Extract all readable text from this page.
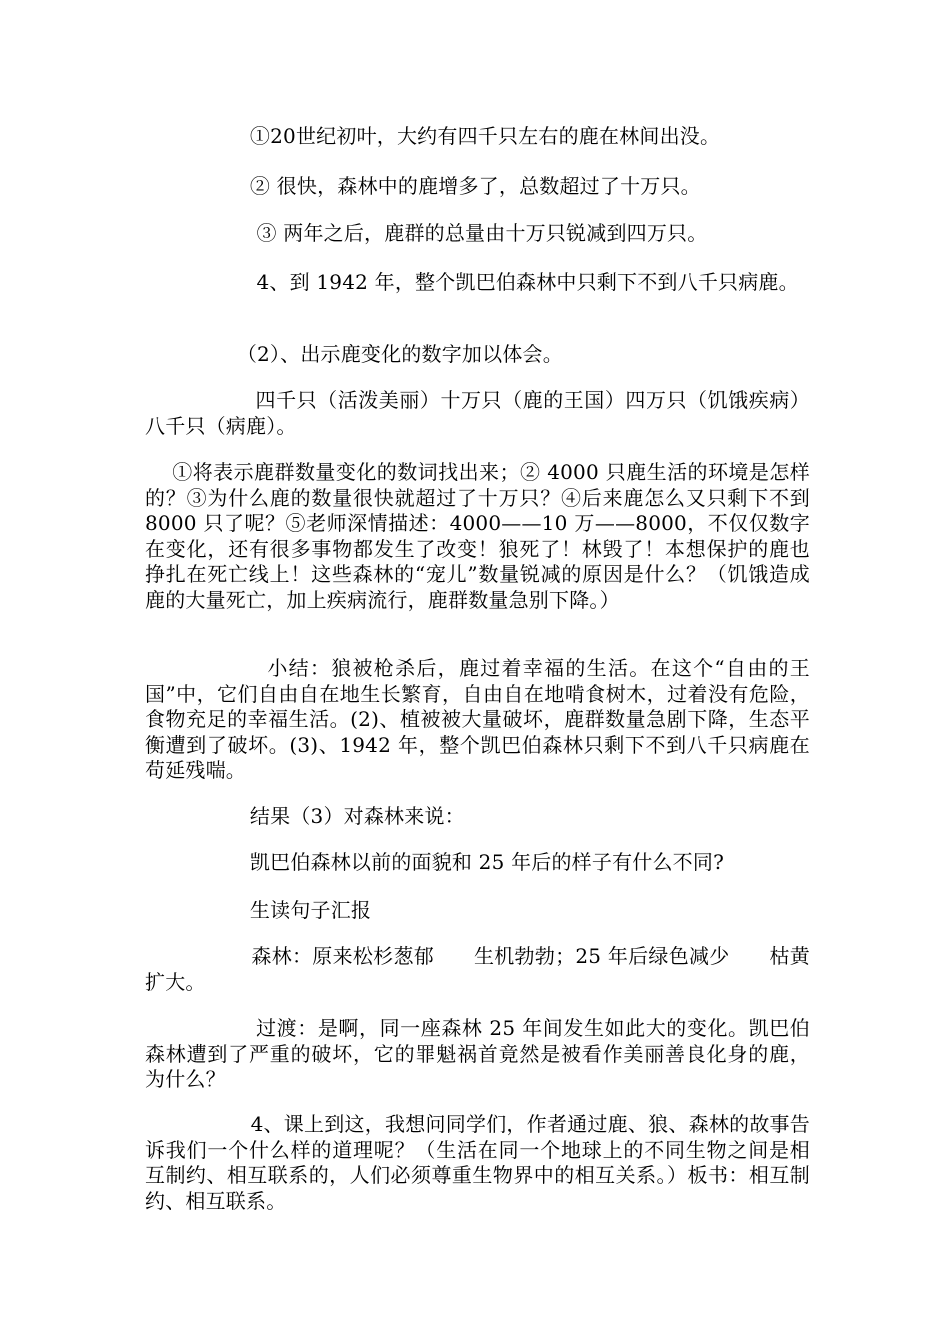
①20世纪初叶，大约有四千只左右的鹿在林间出没。

② 很快，森林中的鹿增多了，总数超过了十万只。

③ 两年之后，鹿群的总量由十万只锐减到四万只。

4、到 1942 年，整个凯巴伯森林中只剩下不到八千只病鹿。

（2）、出示鹿变化的数字加以体会。

四千只（活泼美丽）十万只（鹿的王国）四万只（饥饿疾病）八千只（病鹿）。

①将表示鹿群数量变化的数词找出来；② 4000 只鹿生活的环境是怎样的？③为什么鹿的数量很快就超过了十万只？④后来鹿怎么又只剩下不到 8000 只了呢？⑤老师深情描述：4000——10 万——8000，不仅仅数字在变化，还有很多事物都发生了改变！狼死了！林毁了！本想保护的鹿也挣扎在死亡线上！这些森林的“宠儿”数量锐减的原因是什么？（饥饿造成鹿的大量死亡，加上疾病流行，鹿群数量急别下降。）

小结：狼被枪杀后，鹿过着幸福的生活。在这个“自由的王国”中，它们自由自在地生长繁育，自由自在地啃食树木，过着没有危险，食物充足的幸福生活。(2)、植被被大量破坏，鹿群数量急剧下降，生态平衡遭到了破坏。(3)、1942 年，整个凯巴伯森林只剩下不到八千只病鹿在苟延残喘。

结果（3）对森林来说：

凯巴伯森林以前的面貌和 25 年后的样子有什么不同?

生读句子汇报

森林：原来松杉葱郁      生机勃勃；25 年后绿色减少      枯黄扩大。

过渡：是啊，同一座森林 25 年间发生如此大的变化。凯巴伯森林遭到了严重的破坏，它的罪魁祸首竟然是被看作美丽善良化身的鹿，为什么？

4、课上到这，我想问同学们，作者通过鹿、狼、森林的故事告诉我们一个什么样的道理呢？（生活在同一个地球上的不同生物之间是相互制约、相互联系的，人们必须尊重生物界中的相互关系。）板书：相互制约、相互联系。
